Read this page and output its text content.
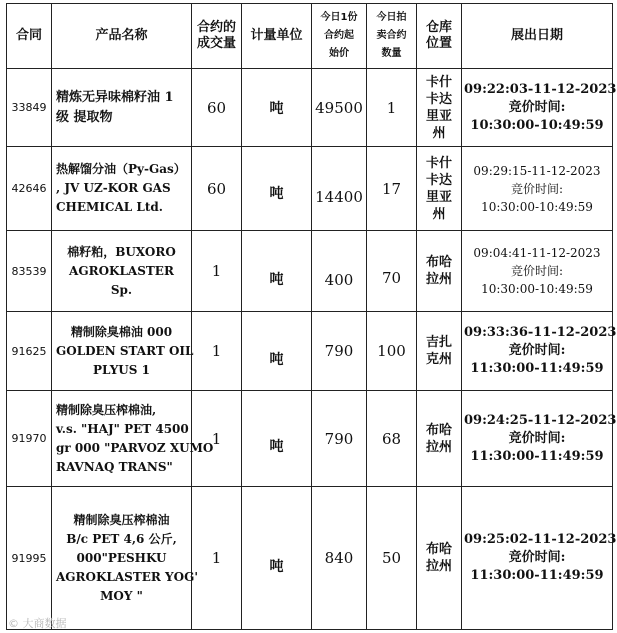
合同	产品名称	合约的
成交量	计量单位	今日1份
合约起
始价	今日拍
卖合约
数量	仓库
位置	展出日期
33849	精炼无异味棉籽油 1
级 提取物	60	吨	49500	1	卡什
卡达
里亚
州	09:22:03-11-12-2023
竞价时间:
10:30:00-10:49:59

42646	热解馏分油（Py-Gas）
, JV UZ-KOR GAS
CHEMICAL Ltd.	60	吨	14400	17	卡什
卡达
里亚
州	09:29:15-11-12-2023
竞价时间:
10:30:00-10:49:59

83539	棉籽粕，BUXORO
AGROKLASTER
Sp.	1	吨	400	70	布哈
拉州	09:04:41-11-12-2023
竞价时间:
10:30:00-10:49:59

91625	精制除臭棉油 000
GOLDEN START OIL
PLYUS 1	1	吨	790	100	吉扎
克州	09:33:36-11-12-2023
竞价时间:
11:30:00-11:49:59

91970	精制除臭压榨棉油,
v.s. "HAJ" PET 4500
gr 000 "PARVOZ XUMO
RAVNAQ TRANS"	1	吨	790	68	布哈
拉州	09:24:25-11-12-2023
竞价时间:
11:30:00-11:49:59

91995	精制除臭压榨棉油
B/c PET 4,6 公斤,
000"PESHKU
AGROKLASTER YOG'
MOY "	1	吨	840	50	布哈
拉州	09:25:02-11-12-2023
竞价时间:
11:30:00-11:49:59
© 大商数据
